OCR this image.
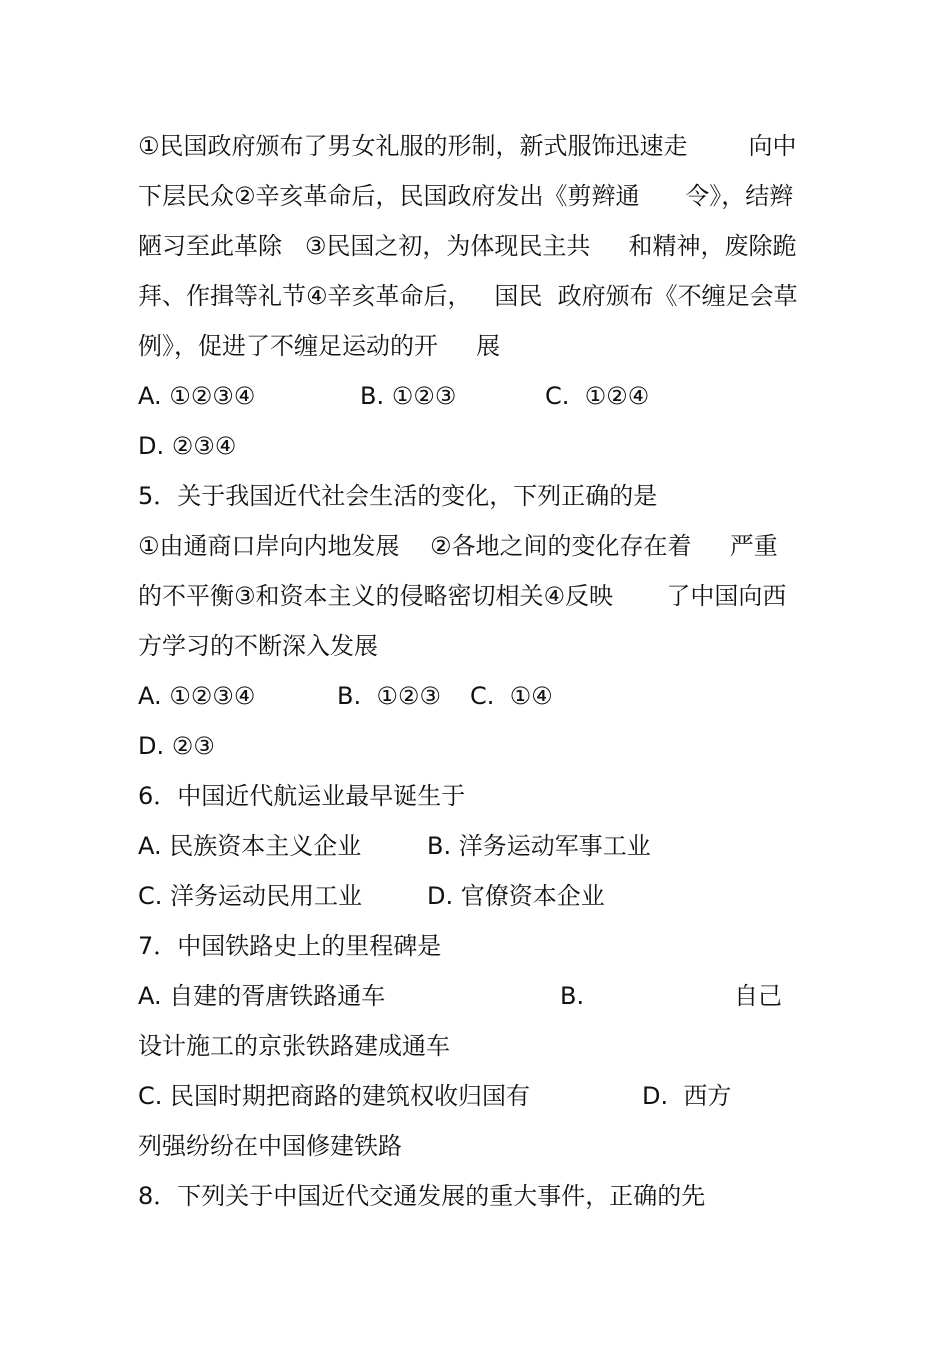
①民国政府颁布了男女礼服的形制，新式服饰迅速走        向中
下层民众②辛亥革命后，民国政府发出《剪辫通      令》，结辫
陋习至此革除   ③民国之初，为体现民主共     和精神，废除跪
拜、作揖等礼节④辛亥革命后，   国民  政府颁布《不缠足会草
例》，促进了不缠足运动的开     展
A. ①②③④	B. ①②③	C.  ①②④
D. ②③④
5．关于我国近代社会生活的变化，下列正确的是
①由通商口岸向内地发展    ②各地之间的变化存在着     严重
的不平衡③和资本主义的侵略密切相关④反映       了中国向西
方学习的不断深入发展
A. ①②③④	B.  ①②③ C.  ①④
D. ②③
6．中国近代航运业最早诞生于
A. 民族资本主义企业	B. 洋务运动军事工业
C. 洋务运动民用工业	D. 官僚资本企业
7．中国铁路史上的里程碑是
A. 自建的胥唐铁路通车	B.	自己
设计施工的京张铁路建成通车
C. 民国时期把商路的建筑权收归国有	D.  西方
列强纷纷在中国修建铁路
8．下列关于中国近代交通发展的重大事件，正确的先
